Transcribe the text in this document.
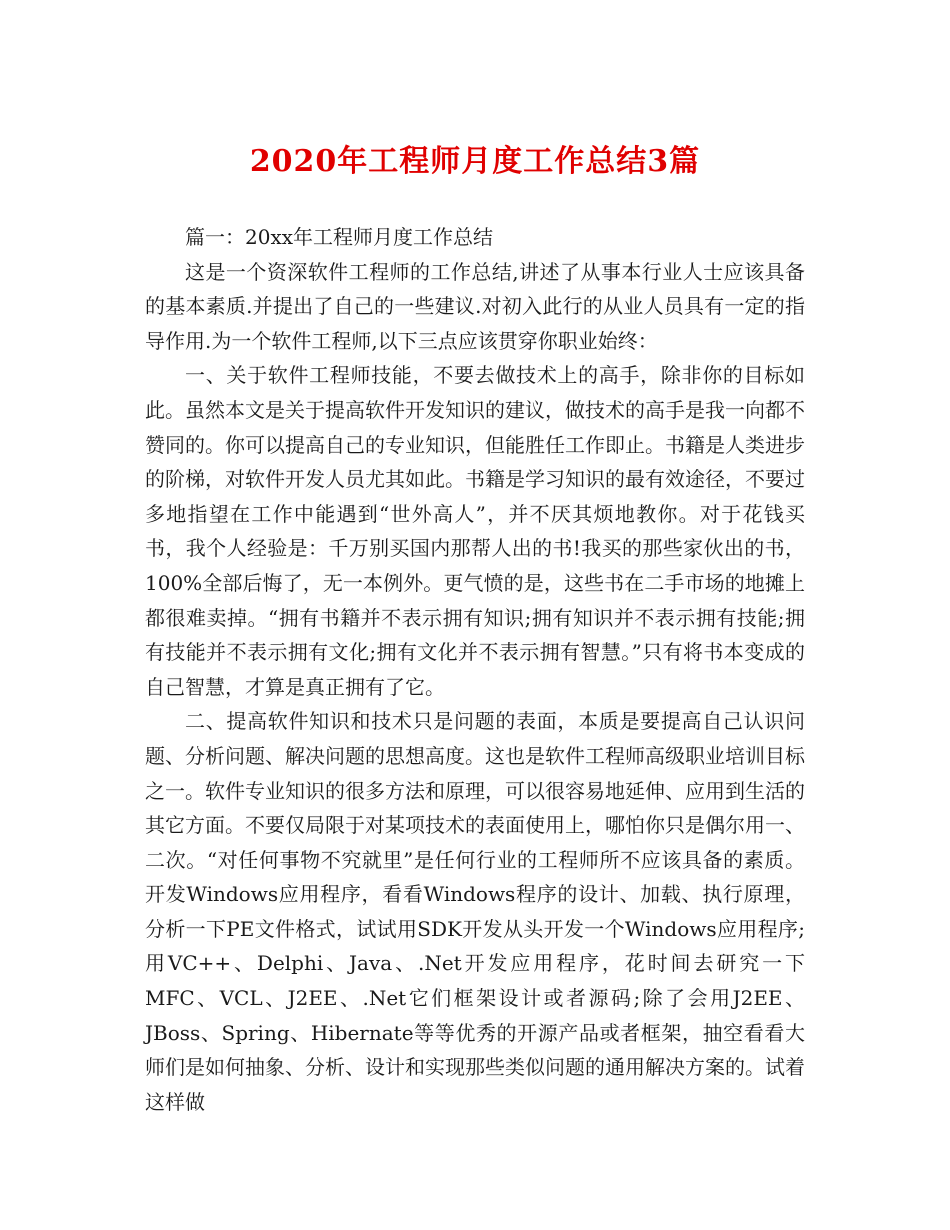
2020年工程师月度工作总结3篇

篇一：20xx年工程师月度工作总结

这是一个资深软件工程师的工作总结,讲述了从事本行业人士应该具备的基本素质.并提出了自己的一些建议.对初入此行的从业人员具有一定的指导作用.为一个软件工程师,以下三点应该贯穿你职业始终：

一、关于软件工程师技能，不要去做技术上的高手，除非你的目标如此。虽然本文是关于提高软件开发知识的建议，做技术的高手是我一向都不赞同的。你可以提高自己的专业知识，但能胜任工作即止。书籍是人类进步的阶梯，对软件开发人员尤其如此。书籍是学习知识的最有效途径，不要过多地指望在工作中能遇到“世外高人”，并不厌其烦地教你。对于花钱买书，我个人经验是：千万别买国内那帮人出的书!我买的那些家伙出的书，100%全部后悔了，无一本例外。更气愤的是，这些书在二手市场的地摊上都很难卖掉。“拥有书籍并不表示拥有知识;拥有知识并不表示拥有技能;拥有技能并不表示拥有文化;拥有文化并不表示拥有智慧。”只有将书本变成的自己智慧，才算是真正拥有了它。

二、提高软件知识和技术只是问题的表面，本质是要提高自己认识问题、分析问题、解决问题的思想高度。这也是软件工程师高级职业培训目标之一。软件专业知识的很多方法和原理，可以很容易地延伸、应用到生活的其它方面。不要仅局限于对某项技术的表面使用上，哪怕你只是偶尔用一、二次。“对任何事物不究就里”是任何行业的工程师所不应该具备的素质。开发Windows应用程序，看看Windows程序的设计、加载、执行原理，分析一下PE文件格式，试试用SDK开发从头开发一个Windows应用程序;用VC++、Delphi、Java、.Net开发应用程序，花时间去研究一下MFC、VCL、J2EE、.Net它们框架设计或者源码;除了会用J2EE、JBoss、Spring、Hibernate等等优秀的开源产品或者框架，抽空看看大师们是如何抽象、分析、设计和实现那些类似问题的通用解决方案的。试着这样做
